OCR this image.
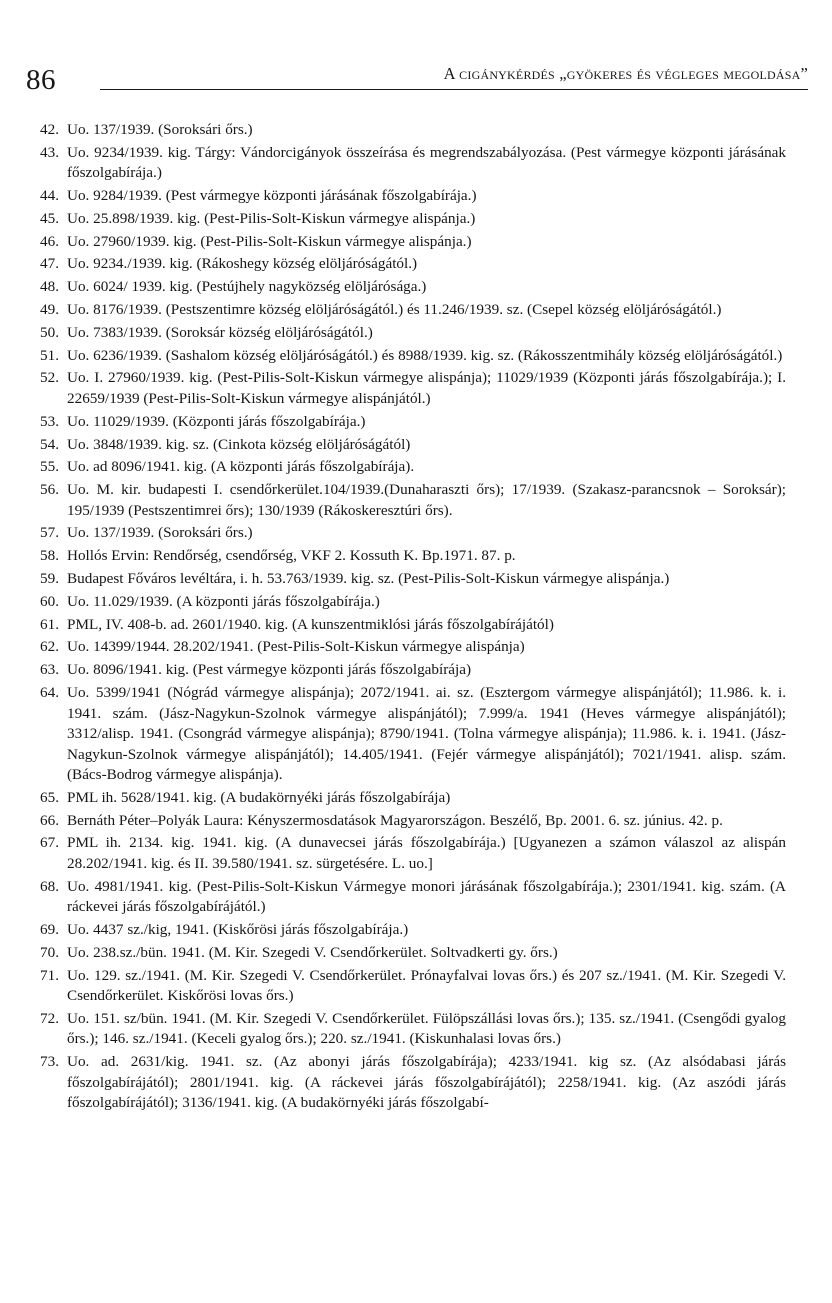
86	A cigánykérdés „gyökeres és végleges megoldása”
42. Uo. 137/1939. (Soroksári őrs.)
43. Uo. 9234/1939. kig. Tárgy: Vándorcigányok összeírása és megrendszabályozása. (Pest vármegye központi járásának főszolgabírája.)
44. Uo. 9284/1939. (Pest vármegye központi járásának főszolgabírája.)
45. Uo. 25.898/1939. kig. (Pest-Pilis-Solt-Kiskun vármegye alispánja.)
46. Uo. 27960/1939. kig. (Pest-Pilis-Solt-Kiskun vármegye alispánja.)
47. Uo. 9234./1939. kig. (Rákoshegy község elöljáróságától.)
48. Uo. 6024/ 1939. kig. (Pestújhely nagyközség elöljárósága.)
49. Uo. 8176/1939. (Pestszentimre község elöljáróságától.) és 11.246/1939. sz. (Csepel község elöljáróságától.)
50. Uo. 7383/1939. (Soroksár község elöljáróságától.)
51. Uo. 6236/1939. (Sashalom község elöljáróságától.) és 8988/1939. kig. sz. (Rákosszentmihály község elöljáróságától.)
52. Uo. I. 27960/1939. kig. (Pest-Pilis-Solt-Kiskun vármegye alispánja); 11029/1939 (Központi járás főszolgabírája.); I. 22659/1939 (Pest-Pilis-Solt-Kiskun vármegye alispánjától.)
53. Uo. 11029/1939. (Központi járás főszolgabírája.)
54. Uo. 3848/1939. kig. sz. (Cinkota község elöljáróságától)
55. Uo. ad 8096/1941. kig. (A központi járás főszolgabírája).
56. Uo. M. kir. budapesti I. csendőrkerület.104/1939.(Dunaharaszti őrs); 17/1939. (Szakasz-parancsnok – Soroksár); 195/1939 (Pestszentimrei őrs); 130/1939 (Rákoskeresztúri őrs).
57. Uo. 137/1939. (Soroksári őrs.)
58. Hollós Ervin: Rendőrség, csendőrség, VKF 2. Kossuth K. Bp.1971. 87. p.
59. Budapest Főváros levéltára, i. h. 53.763/1939. kig. sz. (Pest-Pilis-Solt-Kiskun vármegye alispánja.)
60. Uo. 11.029/1939. (A központi járás főszolgabírája.)
61. PML, IV. 408-b. ad. 2601/1940. kig. (A kunszentmiklósi járás főszolgabírájától)
62. Uo. 14399/1944. 28.202/1941. (Pest-Pilis-Solt-Kiskun vármegye alispánja)
63. Uo. 8096/1941. kig. (Pest vármegye központi járás főszolgabírája)
64. Uo. 5399/1941 (Nógrád vármegye alispánja); 2072/1941. ai. sz. (Esztergom vármegye alispánjától); 11.986. k. i. 1941. szám. (Jász-Nagykun-Szolnok vármegye alispánjától); 7.999/a. 1941 (Heves vármegye alispánjától); 3312/alisp. 1941. (Csongrád vármegye alispánja); 8790/1941. (Tolna vármegye alispánja); 11.986. k. i. 1941. (Jász-Nagykun-Szolnok vármegye alispánjától); 14.405/1941. (Fejér vármegye alispánjától); 7021/1941. alisp. szám. (Bács-Bodrog vármegye alispánja).
65. PML ih. 5628/1941. kig. (A budakörnyéki járás főszolgabírája)
66. Bernáth Péter–Polyák Laura: Kényszermosdatások Magyarországon. Beszélő, Bp. 2001. 6. sz. június. 42. p.
67. PML ih. 2134. kig. 1941. kig. (A dunavecsei járás főszolgabírája.) [Ugyanezen a számon válaszol az alispán 28.202/1941. kig. és II. 39.580/1941. sz. sürgetésére. L. uo.]
68. Uo. 4981/1941. kig. (Pest-Pilis-Solt-Kiskun Vármegye monori járásának főszolgabírája.); 2301/1941. kig. szám. (A ráckevei járás főszolgabírájától.)
69. Uo. 4437 sz./kig, 1941. (Kiskőrösi járás főszolgabírája.)
70. Uo. 238.sz./bün. 1941. (M. Kir. Szegedi V. Csendőrkerület. Soltvadkerti gy. őrs.)
71. Uo. 129. sz./1941. (M. Kir. Szegedi V. Csendőrkerület. Prónayfalvai lovas őrs.) és 207 sz./1941. (M. Kir. Szegedi V. Csendőrkerület. Kiskőrösi lovas őrs.)
72. Uo. 151. sz/bün. 1941. (M. Kir. Szegedi V. Csendőrkerület. Fülöpszállási lovas őrs.); 135. sz./1941. (Csengődi gyalog őrs.); 146. sz./1941. (Keceli gyalog őrs.); 220. sz./1941. (Kiskunhalasi lovas őrs.)
73. Uo. ad. 2631/kig. 1941. sz. (Az abonyi járás főszolgabírája); 4233/1941. kig sz. (Az alsódabasi járás főszolgabírájától); 2801/1941. kig. (A ráckevei járás főszolgabírájától); 2258/1941. kig. (Az aszódi járás főszolgabírájától); 3136/1941. kig. (A budakörnyéki járás főszolgabí-
